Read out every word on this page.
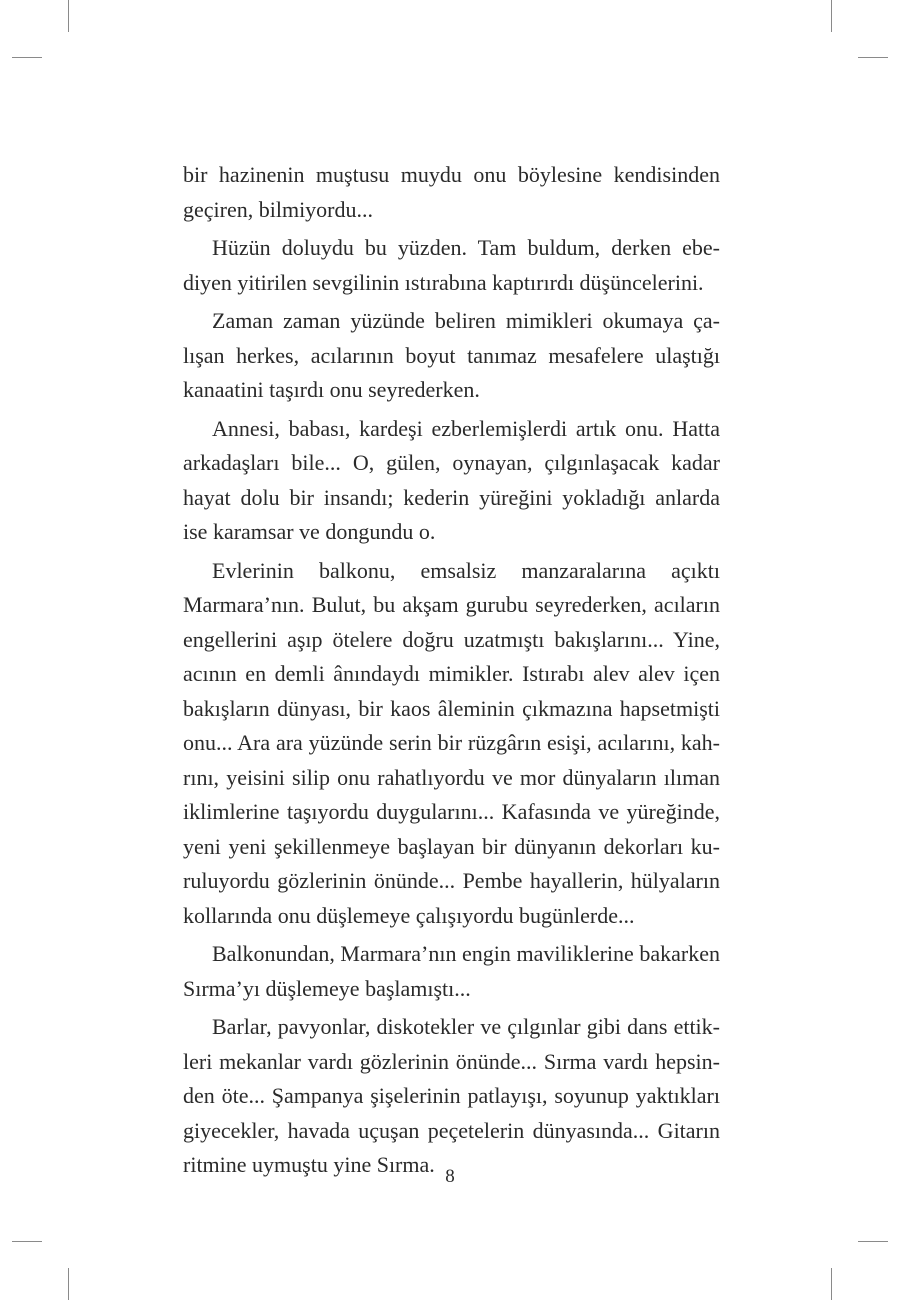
bir hazinenin muştusu muydu onu böylesine kendisinden
geçiren, bilmiyordu...
Hüzün doluydu bu yüzden. Tam buldum, derken ebe-
diyen yitirilen sevgilinin ıstırabına kaptırırdı düşüncelerini.
Zaman zaman yüzünde beliren mimikleri okumaya ça-
lışan herkes, acılarının boyut tanımaz mesafelere ulaştığı
kanaatini taşırdı onu seyrederken.
Annesi, babası, kardeşi ezberlemişlerdi artık onu. Hatta
arkadaşları bile... O, gülen, oynayan, çılgınlaşacak kadar
hayat dolu bir insandı; kederin yüreğini yokladığı anlarda
ise karamsar ve dongundu o.
Evlerinin balkonu, emsalsiz manzaralarına açıktı
Marmara’nın. Bulut, bu akşam gurubu seyrederken, acıların
engellerini aşıp ötelere doğru uzatmıştı bakışlarını... Yine,
acının en demli ânındaydı mimikler. Istırabı alev alev içen
bakışların dünyası, bir kaos âleminin çıkmazına hapsetmişti
onu... Ara ara yüzünde serin bir rüzgârın esişi, acılarını, kah-
rını, yeisini silip onu rahatlıyordu ve mor dünyaların ılıman
iklimlerine taşıyordu duygularını... Kafasında ve yüreğinde,
yeni yeni şekillenmeye başlayan bir dünyanın dekorları ku-
ruluyordu gözlerinin önünde... Pembe hayallerin, hülyaların
kollarında onu düşlemeye çalışıyordu bugünlerde...
Balkonundan, Marmara’nın engin maviliklerine bakarken
Sırma’yı düşlemeye başlamıştı...
Barlar, pavyonlar, diskotekler ve çılgınlar gibi dans ettik-
leri mekanlar vardı gözlerinin önünde... Sırma vardı hepsin-
den öte... Şampanya şişelerinin patlayışı, soyunup yaktıkları
giyecekler, havada uçuşan peçetelerin dünyasında... Gitarın
ritmine uymuştu yine Sırma. 8
